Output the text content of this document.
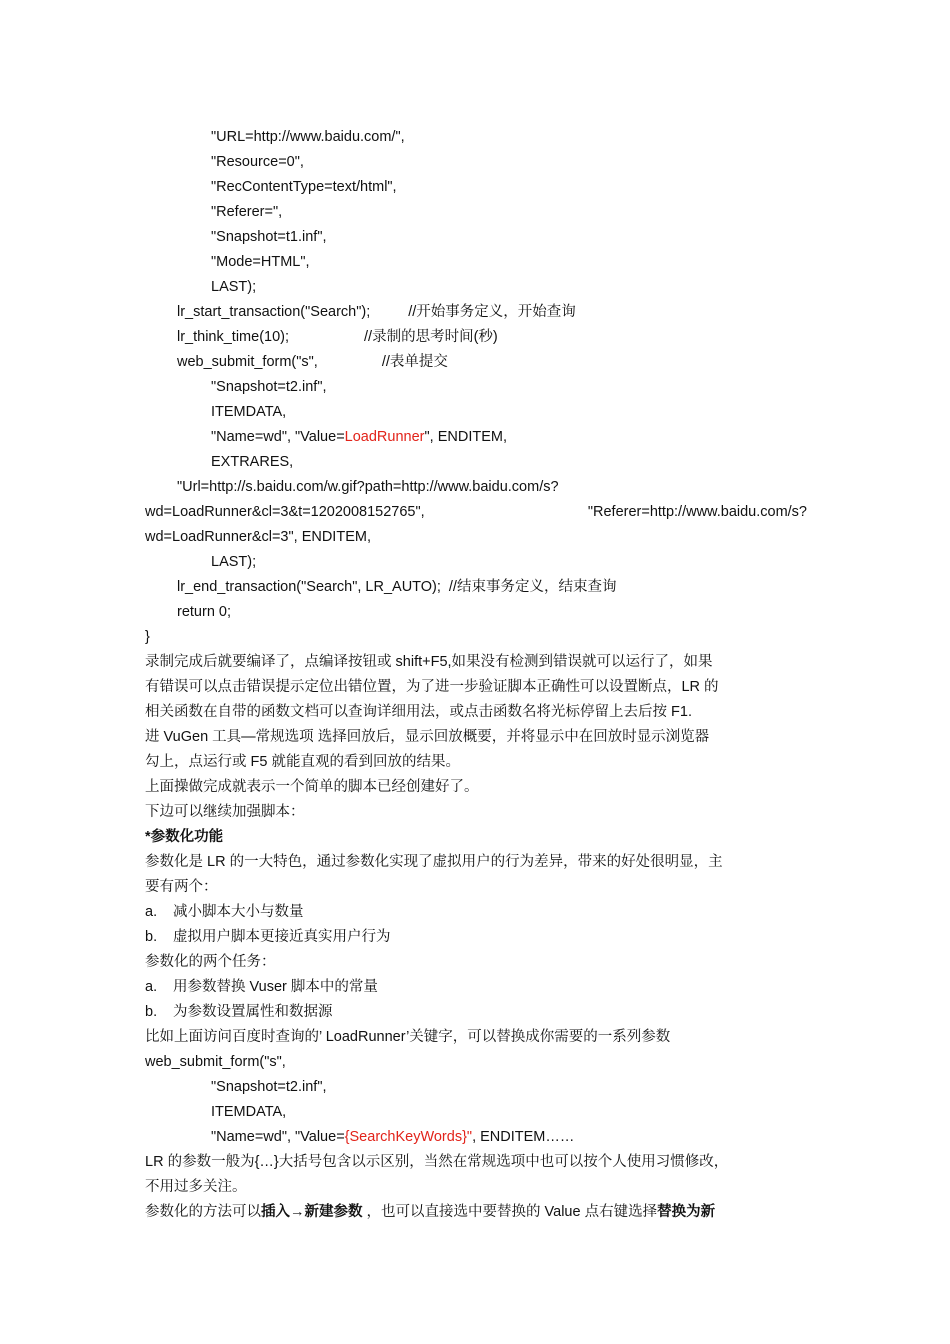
"URL=http://www.baidu.com/",
"Resource=0",
"RecContentType=text/html",
"Referer=",
"Snapshot=t1.inf",
"Mode=HTML",
LAST);
lr_start_transaction("Search");	//开始事务定义，开始查询
lr_think_time(10);	//录制的思考时间(秒)
web_submit_form("s",	//表单提交
"Snapshot=t2.inf",
ITEMDATA,
"Name=wd", "Value=LoadRunner", ENDITEM,
EXTRARES,
"Url=http://s.baidu.com/w.gif?path=http://www.baidu.com/s?
wd=LoadRunner&cl=3&t=1202008152765",	"Referer=http://www.baidu.com/s?
wd=LoadRunner&cl=3", ENDITEM,
LAST);
lr_end_transaction("Search", LR_AUTO); //结束事务定义，结束查询
return 0;
}
录制完成后就要编译了，点编译按钮或 shift+F5,如果没有检测到错误就可以运行了，如果
有错误可以点击错误提示定位出错位置，为了进一步验证脚本正确性可以设置断点，LR 的
相关函数在自带的函数文档可以查询详细用法，或点击函数名将光标停留上去后按 F1.
进 VuGen 工具—常规选项 选择回放后，显示回放概要，并将显示中在回放时显示浏览器
勾上，点运行或 F5 就能直观的看到回放的结果。
上面操做完成就表示一个简单的脚本已经创建好了。
下边可以继续加强脚本：
*参数化功能
参数化是 LR 的一大特色，通过参数化实现了虚拟用户的行为差异，带来的好处很明显，主
要有两个：
a. 减小脚本大小与数量
b. 虚拟用户脚本更接近真实用户行为
参数化的两个任务：
a. 用参数替换 Vuser 脚本中的常量
b. 为参数设置属性和数据源
比如上面访问百度时查询的’ LoadRunner’关键字，可以替换成你需要的一系列参数
web_submit_form("s",
"Snapshot=t2.inf",
ITEMDATA,
"Name=wd", "Value={SearchKeyWords}", ENDITEM……
LR 的参数一般为{…}大括号包含以示区别，当然在常规选项中也可以按个人使用习惯修改，
不用过多关注。
参数化的方法可以插入→新建参数 ，也可以直接选中要替换的 Value 点右键选择替换为新
